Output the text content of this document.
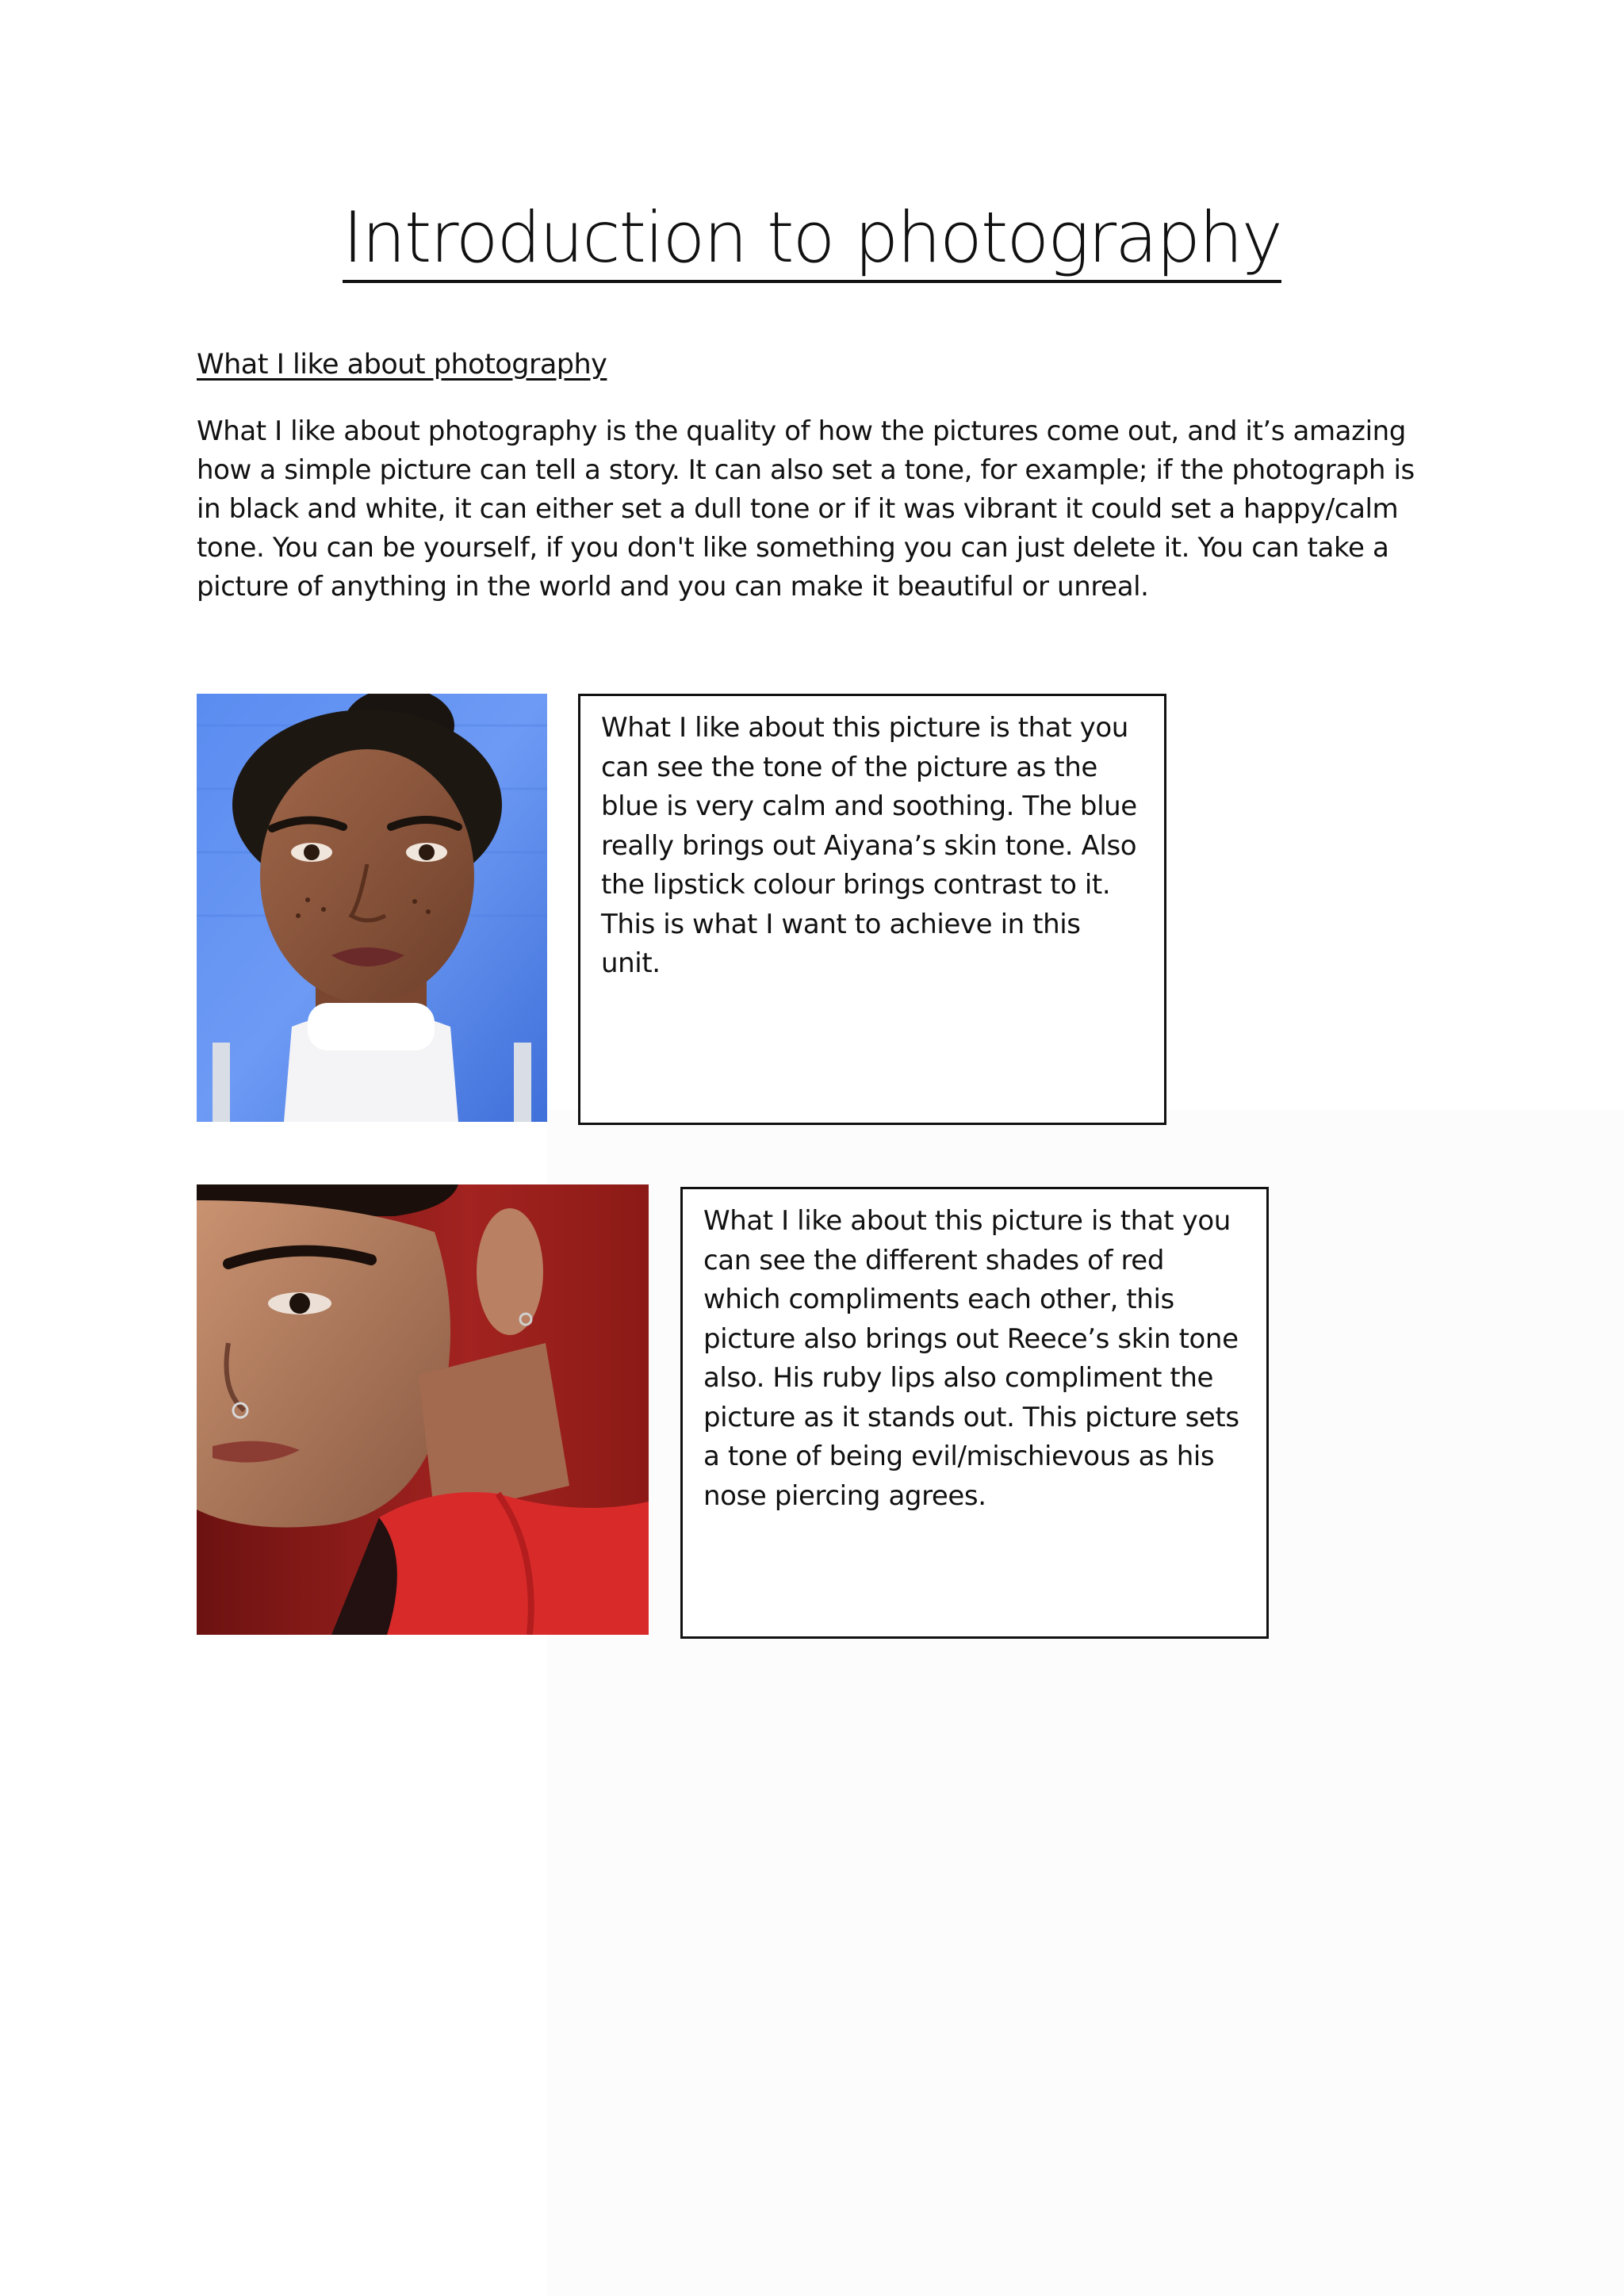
Introduction to photography
What I like about photography

What I like about photography is the quality of how the pictures come out, and it’s amazing how a simple picture can tell a story. It can also set a tone, for example; if the photograph is in black and white, it can either set a dull tone or if it was vibrant it could set a happy/calm tone. You can be yourself, if you don't like something you can just delete it. You can take a picture of anything in the world and you can make it beautiful or unreal.

What I like about this picture is that you can see the tone of the picture as the blue is very calm and soothing. The blue really brings out Aiyana’s skin tone. Also the lipstick colour brings contrast to it. This is what I want to achieve in this unit.
What I like about this picture is that you can see the different shades of red which compliments each other, this picture also brings out Reece’s skin tone also. His ruby lips also compliment the picture as it stands out. This picture sets a tone of being evil/mischievous as his nose piercing agrees.
